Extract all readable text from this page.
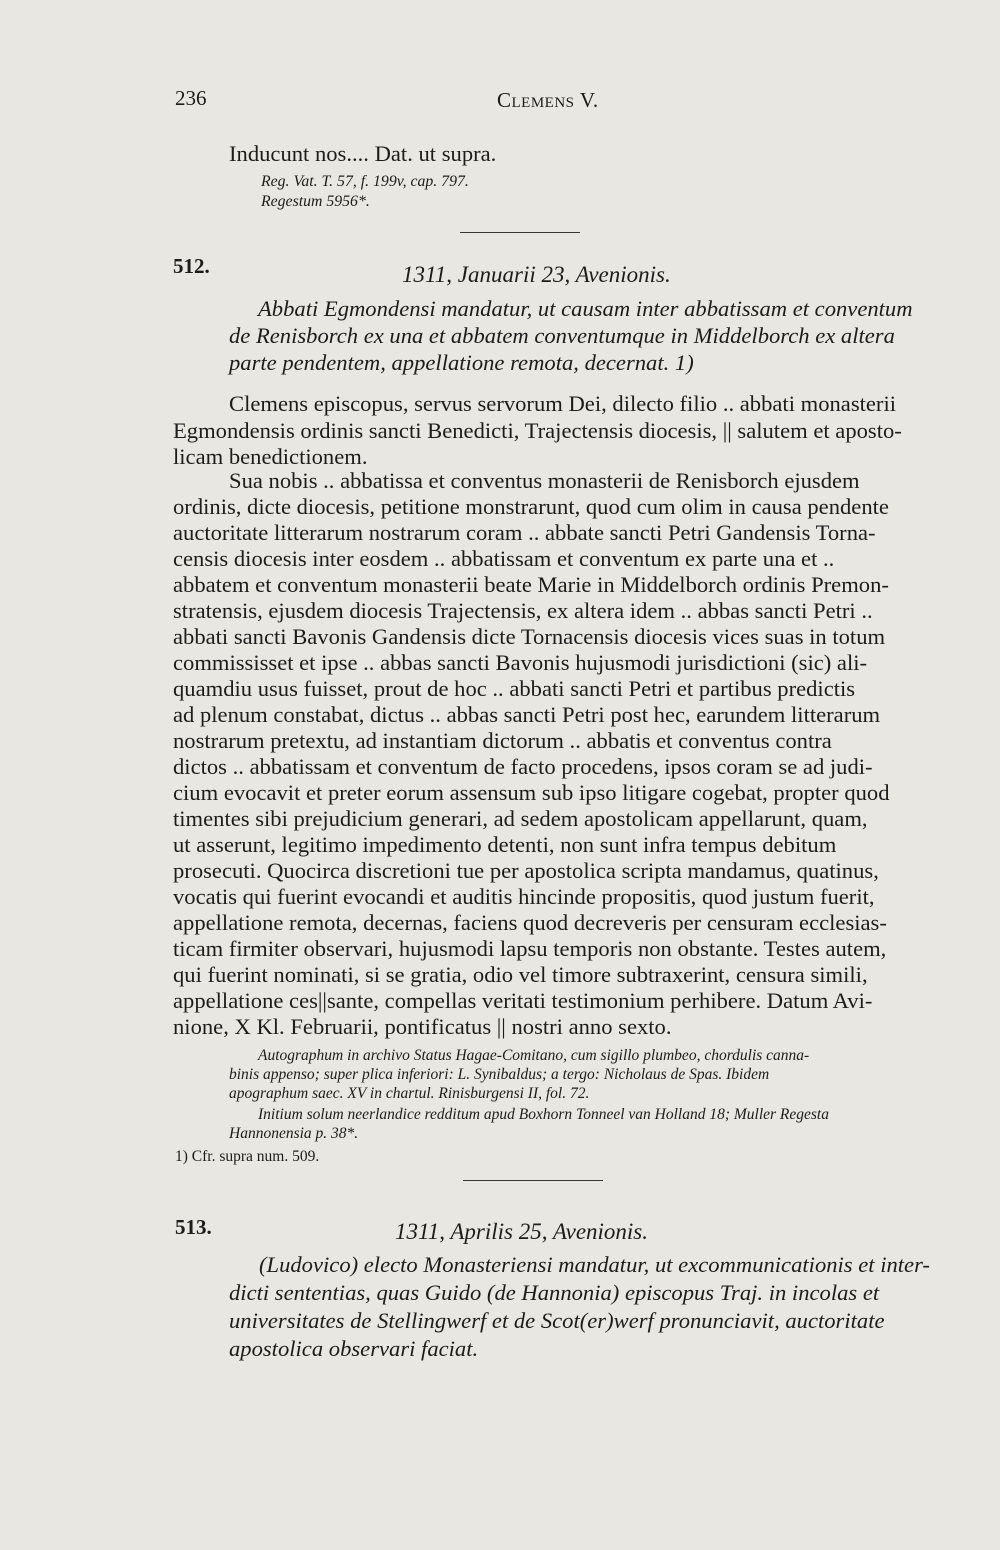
236	Clemens V.
Inducunt nos.... Dat. ut supra.
Reg. Vat. T. 57, f. 199v, cap. 797.
Regestum 5956*.
512.	1311, Januarii 23, Avenionis.
Abbati Egmondensi mandatur, ut causam inter abbatissam et conventum
de Renisborch ex una et abbatem conventumque in Middelborch ex altera
parte pendentem, appellatione remota, decernat. 1)
Clemens episcopus, servus servorum Dei, dilecto filio .. abbati monasterii
Egmondensis ordinis sancti Benedicti, Trajectensis diocesis, || salutem et aposto-
licam benedictionem.
Sua nobis .. abbatissa et conventus monasterii de Renisborch ejusdem
ordinis, dicte diocesis, petitione monstrarunt, quod cum olim in causa pendente
auctoritate litterarum nostrarum coram .. abbate sancti Petri Gandensis Torna-
censis diocesis inter eosdem .. abbatissam et conventum ex parte una et ..
abbatem et conventum monasterii beate Marie in Middelborch ordinis Premon-
stratensis, ejusdem diocesis Trajectensis, ex altera idem .. abbas sancti Petri ..
abbati sancti Bavonis Gandensis dicte Tornacensis diocesis vices suas in totum
commississet et ipse .. abbas sancti Bavonis hujusmodi jurisdictioni (sic) ali-
quamdiu usus fuisset, prout de hoc .. abbati sancti Petri et partibus predictis
ad plenum constabat, dictus .. abbas sancti Petri post hec, earundem litterarum
nostrarum pretextu, ad instantiam dictorum .. abbatis et conventus contra
dictos .. abbatissam et conventum de facto procedens, ipsos coram se ad judi-
cium evocavit et preter eorum assensum sub ipso litigare cogebat, propter quod
timentes sibi prejudicium generari, ad sedem apostolicam appellarunt, quam,
ut asserunt, legitimo impedimento detenti, non sunt infra tempus debitum
prosecuti. Quocirca discretioni tue per apostolica scripta mandamus, quatinus,
vocatis qui fuerint evocandi et auditis hincinde propositis, quod justum fuerit,
appellatione remota, decernas, faciens quod decreveris per censuram ecclesias-
ticam firmiter observari, hujusmodi lapsu temporis non obstante. Testes autem,
qui fuerint nominati, si se gratia, odio vel timore subtraxerint, censura simili,
appellatione ces||sante, compellas veritati testimonium perhibere. Datum Avi-
nione, X Kl. Februarii, pontificatus || nostri anno sexto.
Autographum in archivo Status Hagae-Comitano, cum sigillo plumbeo, chordulis canna-
binis appenso; super plica inferiori: L. Synibaldus; a tergo: Nicholaus de Spas. Ibidem
apographum saec. XV in chartul. Rinisburgensi II, fol. 72.
Initium solum neerlandice redditum apud Boxhorn Tonneel van Holland 18; Muller Regesta
Hannonensia p. 38*.
1) Cfr. supra num. 509.
513.	1311, Aprilis 25, Avenionis.
(Ludovico) electo Monasteriensi mandatur, ut excommunicationis et inter-
dicti sententias, quas Guido (de Hannonia) episcopus Traj. in incolas et
universitates de Stellingwerf et de Scot(er)werf pronunciavit, auctoritate
apostolica observari faciat.
